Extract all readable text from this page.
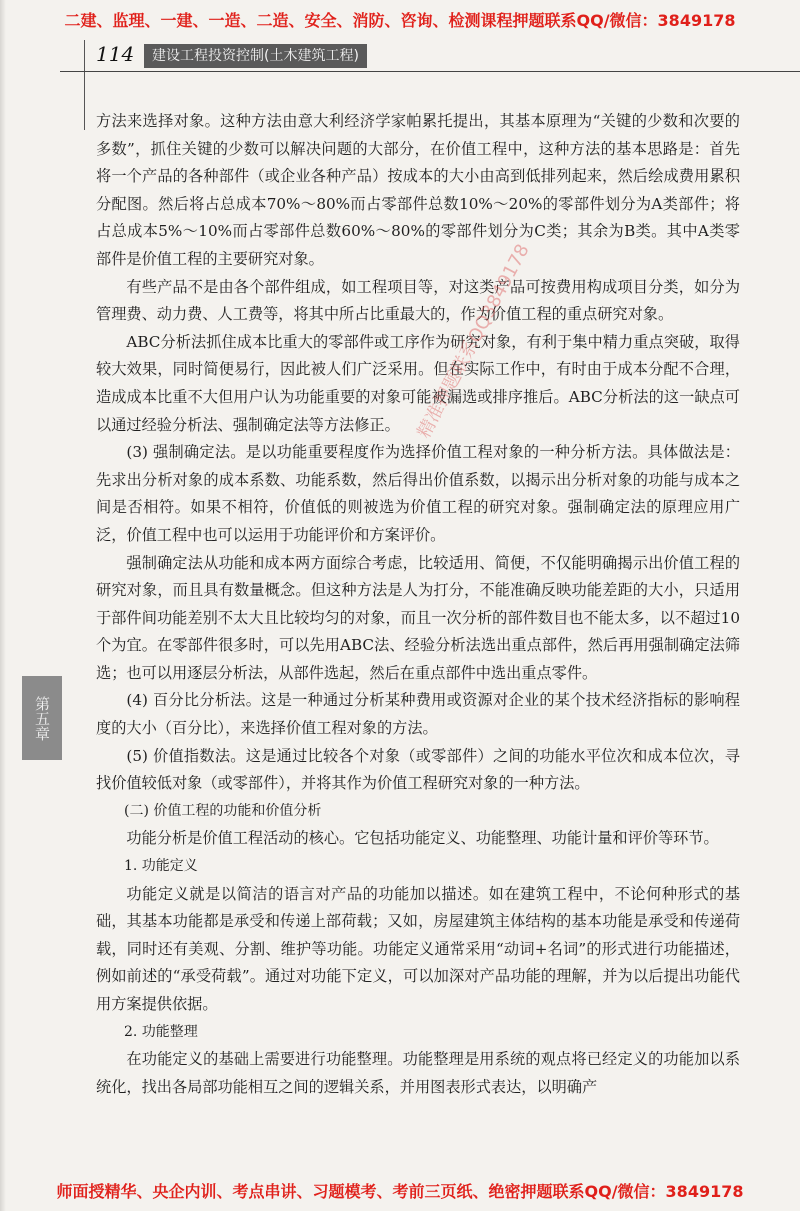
二建、监理、一建、一造、二造、安全、消防、咨询、检测课程押题联系QQ/微信：3849178
114	建设工程投资控制(土木建筑工程)

方法来选择对象。这种方法由意大利经济学家帕累托提出，其基本原理为“关键的少数和次要的多数”，抓住关键的少数可以解决问题的大部分，在价值工程中，这种方法的基本思路是：首先将一个产品的各种部件（或企业各种产品）按成本的大小由高到低排列起来，然后绘成费用累积分配图。然后将占总成本70%～80%而占零部件总数10%～20%的零部件划分为A类部件；将占总成本5%～10%而占零部件总数60%～80%的零部件划分为C类；其余为B类。其中A类零部件是价值工程的主要研究对象。

有些产品不是由各个部件组成，如工程项目等，对这类产品可按费用构成项目分类，如分为管理费、动力费、人工费等，将其中所占比重最大的，作为价值工程的重点研究对象。

ABC分析法抓住成本比重大的零部件或工序作为研究对象，有利于集中精力重点突破，取得较大效果，同时简便易行，因此被人们广泛采用。但在实际工作中，有时由于成本分配不合理，造成成本比重不大但用户认为功能重要的对象可能被漏选或排序推后。ABC分析法的这一缺点可以通过经验分析法、强制确定法等方法修正。

(3) 强制确定法。是以功能重要程度作为选择价值工程对象的一种分析方法。具体做法是：先求出分析对象的成本系数、功能系数，然后得出价值系数，以揭示出分析对象的功能与成本之间是否相符。如果不相符，价值低的则被选为价值工程的研究对象。强制确定法的原理应用广泛，价值工程中也可以运用于功能评价和方案评价。

强制确定法从功能和成本两方面综合考虑，比较适用、简便，不仅能明确揭示出价值工程的研究对象，而且具有数量概念。但这种方法是人为打分，不能准确反映功能差距的大小，只适用于部件间功能差别不太大且比较均匀的对象，而且一次分析的部件数目也不能太多，以不超过10个为宜。在零部件很多时，可以先用ABC法、经验分析法选出重点部件，然后再用强制确定法筛选；也可以用逐层分析法，从部件选起，然后在重点部件中选出重点零件。

(4) 百分比分析法。这是一种通过分析某种费用或资源对企业的某个技术经济指标的影响程度的大小（百分比），来选择价值工程对象的方法。

(5) 价值指数法。这是通过比较各个对象（或零部件）之间的功能水平位次和成本位次，寻找价值较低对象（或零部件），并将其作为价值工程研究对象的一种方法。

(二) 价值工程的功能和价值分析

功能分析是价值工程活动的核心。它包括功能定义、功能整理、功能计量和评价等环节。

1. 功能定义

功能定义就是以简洁的语言对产品的功能加以描述。如在建筑工程中，不论何种形式的基础，其基本功能都是承受和传递上部荷载；又如，房屋建筑主体结构的基本功能是承受和传递荷载，同时还有美观、分割、维护等功能。功能定义通常采用“动词+名词”的形式进行功能描述，例如前述的“承受荷载”。通过对功能下定义，可以加深对产品功能的理解，并为以后提出功能代用方案提供依据。

2. 功能整理

在功能定义的基础上需要进行功能整理。功能整理是用系统的观点将已经定义的功能加以系统化，找出各局部功能相互之间的逻辑关系，并用图表形式表达，以明确产

精准押题联系QQ3849178
第五章
师面授精华、央企内训、考点串讲、习题模考、考前三页纸、绝密押题联系QQ/微信：3849178
